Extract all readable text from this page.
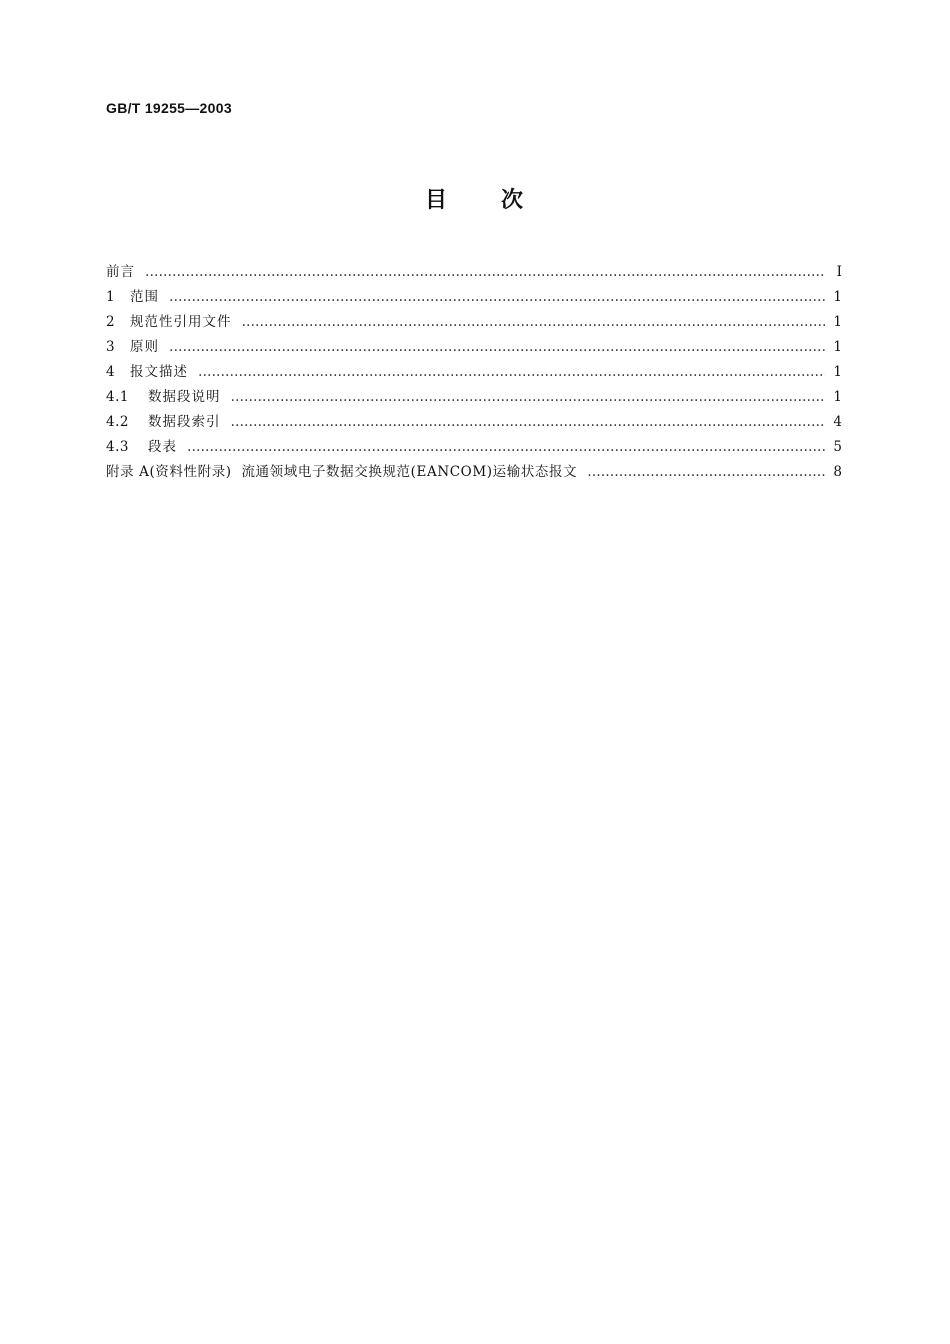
GB/T 19255—2003
目 次
前言 ……………………………………………………………………………………………………………………………………………………………………………………………………………………………	I
1	范围 ……………………………………………………………………………………………………………………………………………………………………………………………………………………………	1
2	规范性引用文件 ……………………………………………………………………………………………………………………………………………………………………………………………………………………………	1
3	原则 ……………………………………………………………………………………………………………………………………………………………………………………………………………………………	1
4	报文描述 ……………………………………………………………………………………………………………………………………………………………………………………………………………………………	1
4.1	数据段说明 ……………………………………………………………………………………………………………………………………………………………………………………………………………………………	1
4.2	数据段索引 ……………………………………………………………………………………………………………………………………………………………………………………………………………………………	4
4.3	段表 ……………………………………………………………………………………………………………………………………………………………………………………………………………………………	5
附录 A(资料性附录)  流通领域电子数据交换规范(EANCOM)运输状态报文 ……………………………………………………………………………………………………………………………………………………………………………………………………………………………	8
